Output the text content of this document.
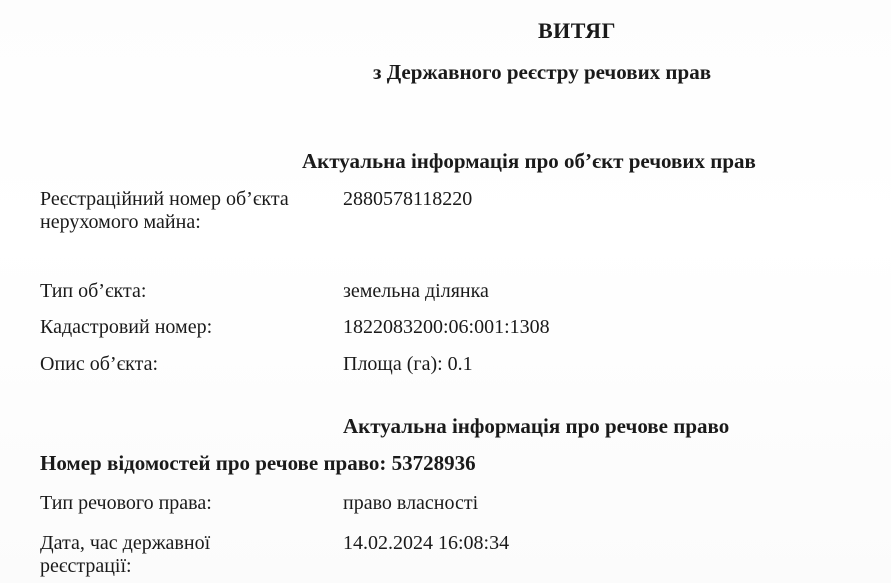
ВИТЯГ
з Державного реєстру речових прав
Актуальна інформація про об’єкт речових прав
Реєстраційний номер об’єкта нерухомого майна:
2880578118220
Тип об’єкта:	земельна ділянка
Кадастровий номер:	1822083200:06:001:1308
Опис об’єкта:	Площа (га): 0.1
Актуальна інформація про речове право
Номер відомостей про речове право: 53728936
Тип речового права:	право власності
Дата, час державної реєстрації:
14.02.2024 16:08:34
